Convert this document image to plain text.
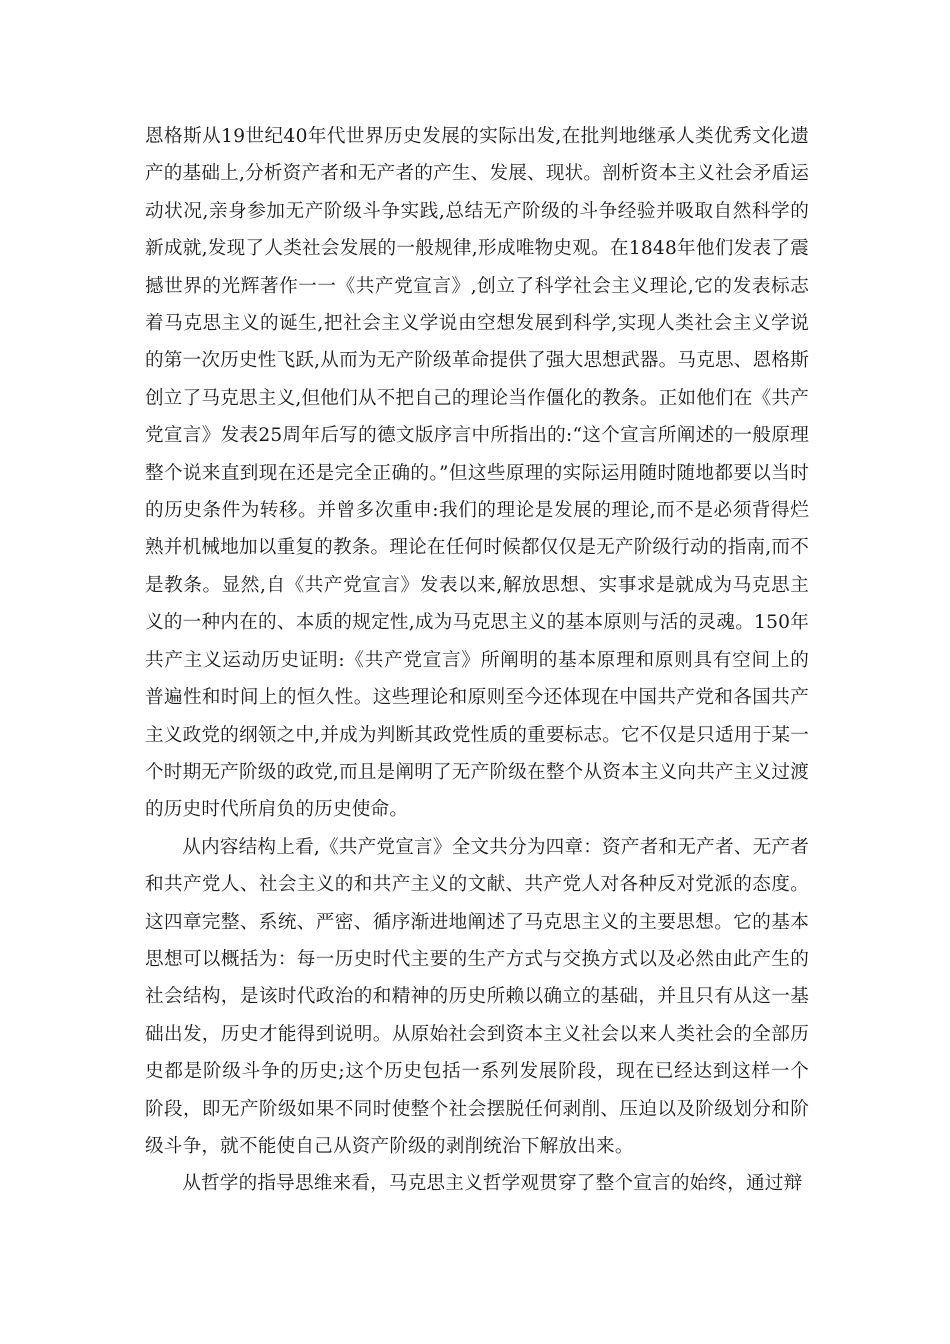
恩格斯从19世纪40年代世界历史发展的实际出发,在批判地继承人类优秀文化遗产的基础上,分析资产者和无产者的产生、发展、现状。剖析资本主义社会矛盾运动状况,亲身参加无产阶级斗争实践,总结无产阶级的斗争经验并吸取自然科学的新成就,发现了人类社会发展的一般规律,形成唯物史观。在1848年他们发表了震撼世界的光辉著作一一《共产党宣言》,创立了科学社会主义理论,它的发表标志着马克思主义的诞生,把社会主义学说由空想发展到科学,实现人类社会主义学说的第一次历史性飞跃,从而为无产阶级革命提供了强大思想武器。马克思、恩格斯创立了马克思主义,但他们从不把自己的理论当作僵化的教条。正如他们在《共产党宣言》发表25周年后写的德文版序言中所指出的:“这个宣言所阐述的一般原理整个说来直到现在还是完全正确的。”但这些原理的实际运用随时随地都要以当时的历史条件为转移。并曾多次重申:我们的理论是发展的理论,而不是必须背得烂熟并机械地加以重复的教条。理论在任何时候都仅仅是无产阶级行动的指南,而不是教条。显然,自《共产党宣言》发表以来,解放思想、实事求是就成为马克思主义的一种内在的、本质的规定性,成为马克思主义的基本原则与活的灵魂。150年共产主义运动历史证明:《共产党宣言》所阐明的基本原理和原则具有空间上的普遍性和时间上的恒久性。这些理论和原则至今还体现在中国共产党和各国共产主义政党的纲领之中,并成为判断其政党性质的重要标志。它不仅是只适用于某一个时期无产阶级的政党,而且是阐明了无产阶级在整个从资本主义向共产主义过渡的历史时代所肩负的历史使命。

从内容结构上看,《共产党宣言》全文共分为四章：资产者和无产者、无产者和共产党人、社会主义的和共产主义的文献、共产党人对各种反对党派的态度。这四章完整、系统、严密、循序渐进地阐述了马克思主义的主要思想。它的基本思想可以概括为：每一历史时代主要的生产方式与交换方式以及必然由此产生的社会结构，是该时代政治的和精神的历史所赖以确立的基础，并且只有从这一基础出发，历史才能得到说明。从原始社会到资本主义社会以来人类社会的全部历史都是阶级斗争的历史;这个历史包括一系列发展阶段，现在已经达到这样一个阶段，即无产阶级如果不同时使整个社会摆脱任何剥削、压迫以及阶级划分和阶级斗争，就不能使自己从资产阶级的剥削统治下解放出来。

从哲学的指导思维来看，马克思主义哲学观贯穿了整个宣言的始终，通过辩
